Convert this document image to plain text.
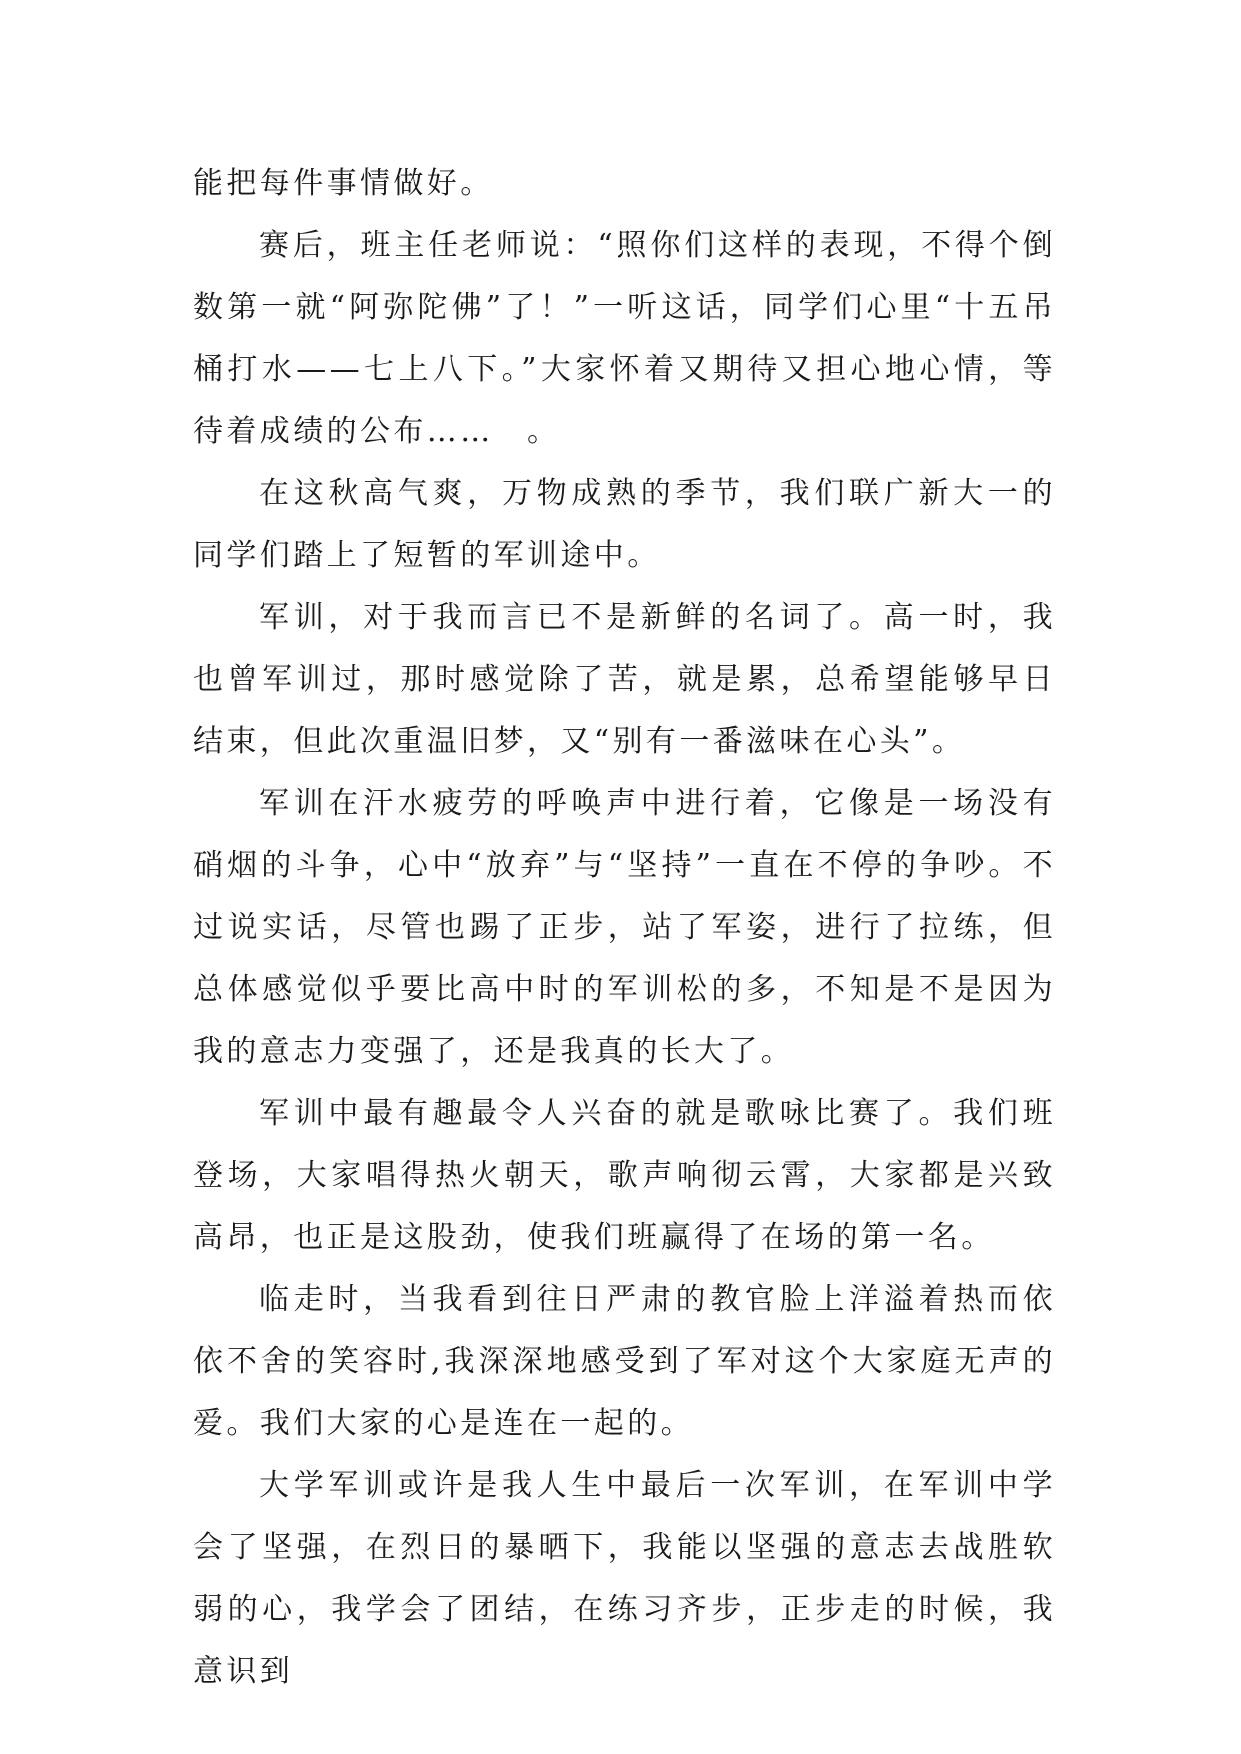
能把每件事情做好。

赛后，班主任老师说：“照你们这样的表现，不得个倒数第一就“阿弥陀佛”了！”一听这话，同学们心里“十五吊桶打水——七上八下。”大家怀着又期待又担心地心情，等待着成绩的公布……　。

在这秋高气爽，万物成熟的季节，我们联广新大一的同学们踏上了短暂的军训途中。

军训，对于我而言已不是新鲜的名词了。高一时，我也曾军训过，那时感觉除了苦，就是累，总希望能够早日结束，但此次重温旧梦，又“别有一番滋味在心头”。

军训在汗水疲劳的呼唤声中进行着，它像是一场没有硝烟的斗争，心中“放弃”与“坚持”一直在不停的争吵。不过说实话，尽管也踢了正步，站了军姿，进行了拉练，但总体感觉似乎要比高中时的军训松的多，不知是不是因为我的意志力变强了，还是我真的长大了。

军训中最有趣最令人兴奋的就是歌咏比赛了。我们班登场，大家唱得热火朝天，歌声响彻云霄，大家都是兴致高昂，也正是这股劲，使我们班赢得了在场的第一名。

临走时，当我看到往日严肃的教官脸上洋溢着热而依依不舍的笑容时,我深深地感受到了军对这个大家庭无声的爱。我们大家的心是连在一起的。

大学军训或许是我人生中最后一次军训，在军训中学会了坚强，在烈日的暴晒下，我能以坚强的意志去战胜软弱的心，我学会了团结，在练习齐步，正步走的时候，我意识到
